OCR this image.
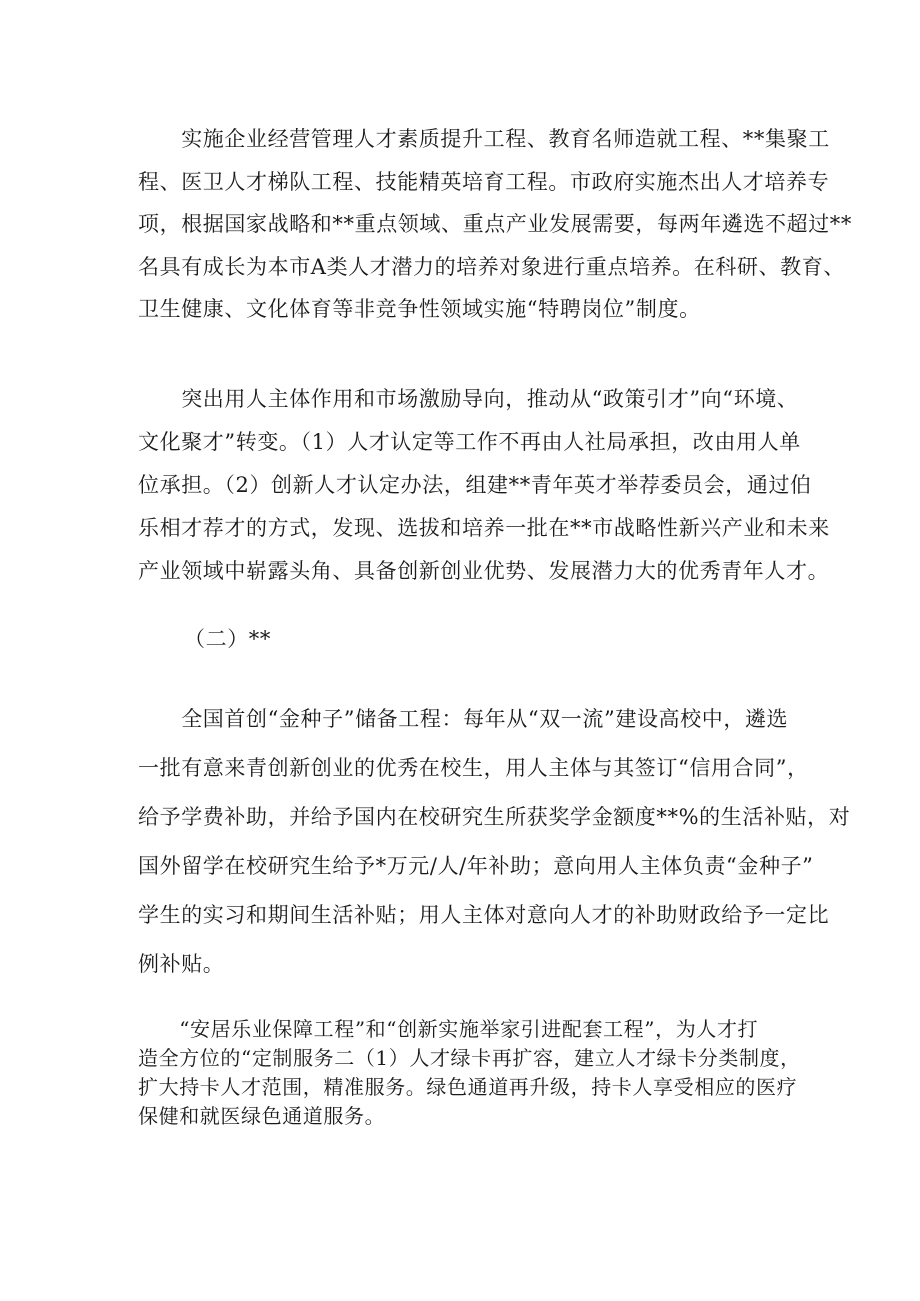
　　实施企业经营管理人才素质提升工程、教育名师造就工程、**集聚工
程、医卫人才梯队工程、技能精英培育工程。市政府实施杰出人才培养专
项，根据国家战略和**重点领域、重点产业发展需要，每两年遴选不超过**
名具有成长为本市A类人才潜力的培养对象进行重点培养。在科研、教育、
卫生健康、文化体育等非竞争性领域实施“特聘岗位”制度。
　　突出用人主体作用和市场激励导向，推动从“政策引才”向“环境、
文化聚才”转变。（1）人才认定等工作不再由人社局承担，改由用人单
位承担。（2）创新人才认定办法，组建**青年英才举荐委员会，通过伯
乐相才荐才的方式，发现、选拔和培养一批在**市战略性新兴产业和未来
产业领域中崭露头角、具备创新创业优势、发展潜力大的优秀青年人才。
（二）**
　　全国首创“金种子”储备工程：每年从“双一流”建设高校中，遴选
一批有意来青创新创业的优秀在校生，用人主体与其签订“信用合同”，
给予学费补助，并给予国内在校研究生所获奖学金额度**%的生活补贴，对
国外留学在校研究生给予*万元/人/年补助；意向用人主体负责“金种子”
学生的实习和期间生活补贴；用人主体对意向人才的补助财政给予一定比
例补贴。
　　“安居乐业保障工程”和“创新实施举家引进配套工程”，为人才打
造全方位的“定制服务二（1）人才绿卡再扩容，建立人才绿卡分类制度，
扩大持卡人才范围，精准服务。绿色通道再升级，持卡人享受相应的医疗
保健和就医绿色通道服务。
